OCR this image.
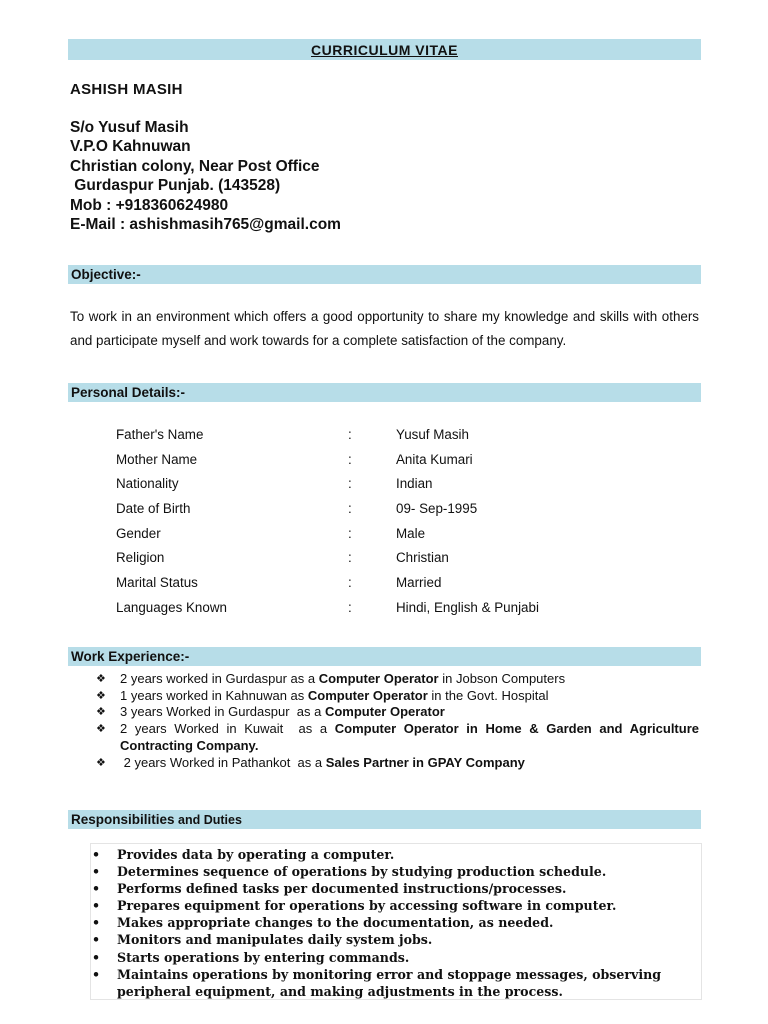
CURRICULUM VITAE
ASHISH MASIH
S/o Yusuf Masih
V.P.O Kahnuwan
Christian colony, Near Post Office
Gurdaspur Punjab. (143528)
Mob : +918360624980
E-Mail : ashishmasih765@gmail.com
Objective:-
To work in an environment which offers a good opportunity to share my knowledge and skills with others and participate myself and work towards for a complete satisfaction of the company.
Personal Details:-
Father's Name	:	Yusuf Masih
Mother Name	:	Anita Kumari
Nationality	:	Indian
Date of Birth	:	09- Sep-1995
Gender	:	Male
Religion	:	Christian
Marital Status	:	Married
Languages Known	:	Hindi, English & Punjabi
Work Experience:-
❖ 2 years worked in Gurdaspur as a Computer Operator in Jobson Computers
❖ 1 years worked in Kahnuwan as Computer Operator in the Govt. Hospital
❖ 3 years Worked in Gurdaspur  as a Computer Operator
❖ 2 years Worked in Kuwait  as a Computer Operator in Home & Garden and Agriculture Contracting Company.
❖ 2 years Worked in Pathankot  as a Sales Partner in GPAY Company
Responsibilities and Duties
• Provides data by operating a computer.
• Determines sequence of operations by studying production schedule.
• Performs defined tasks per documented instructions/processes.
• Prepares equipment for operations by accessing software in computer.
• Makes appropriate changes to the documentation, as needed.
• Monitors and manipulates daily system jobs.
• Starts operations by entering commands.
• Maintains operations by monitoring error and stoppage messages, observing peripheral equipment, and making adjustments in the process.
